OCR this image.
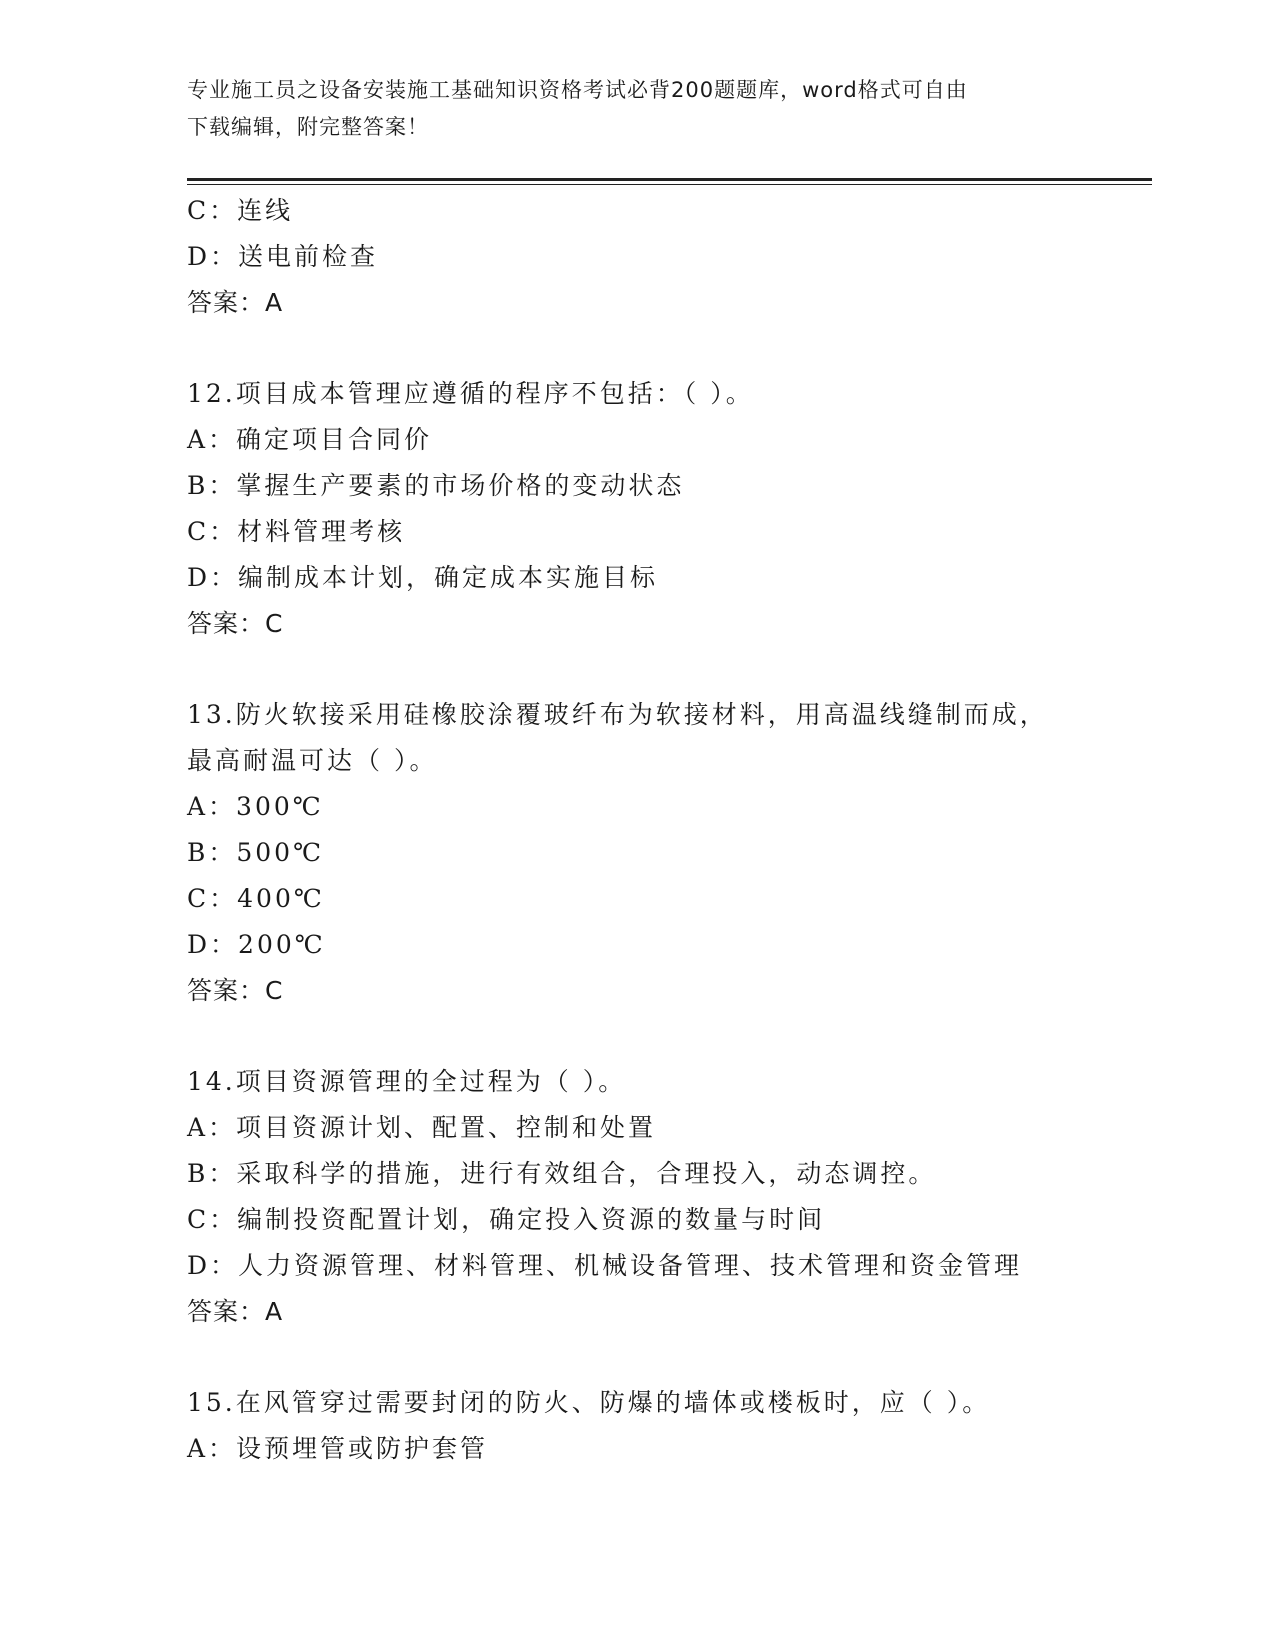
专业施工员之设备安装施工基础知识资格考试必背200题题库，word格式可自由
下载编辑，附完整答案！
C：连线
D：送电前检查
答案：A
12.项目成本管理应遵循的程序不包括：（ ）。
A：确定项目合同价
B：掌握生产要素的市场价格的变动状态
C：材料管理考核
D：编制成本计划，确定成本实施目标
答案：C
13.防火软接采用硅橡胶涂覆玻纤布为软接材料，用高温线缝制而成，
最高耐温可达（ ）。
A：300℃
B：500℃
C：400℃
D：200℃
答案：C
14.项目资源管理的全过程为（ ）。
A：项目资源计划、配置、控制和处置
B：采取科学的措施，进行有效组合，合理投入，动态调控。
C：编制投资配置计划，确定投入资源的数量与时间
D：人力资源管理、材料管理、机械设备管理、技术管理和资金管理
答案：A
15.在风管穿过需要封闭的防火、防爆的墙体或楼板时，应（ ）。
A：设预埋管或防护套管
